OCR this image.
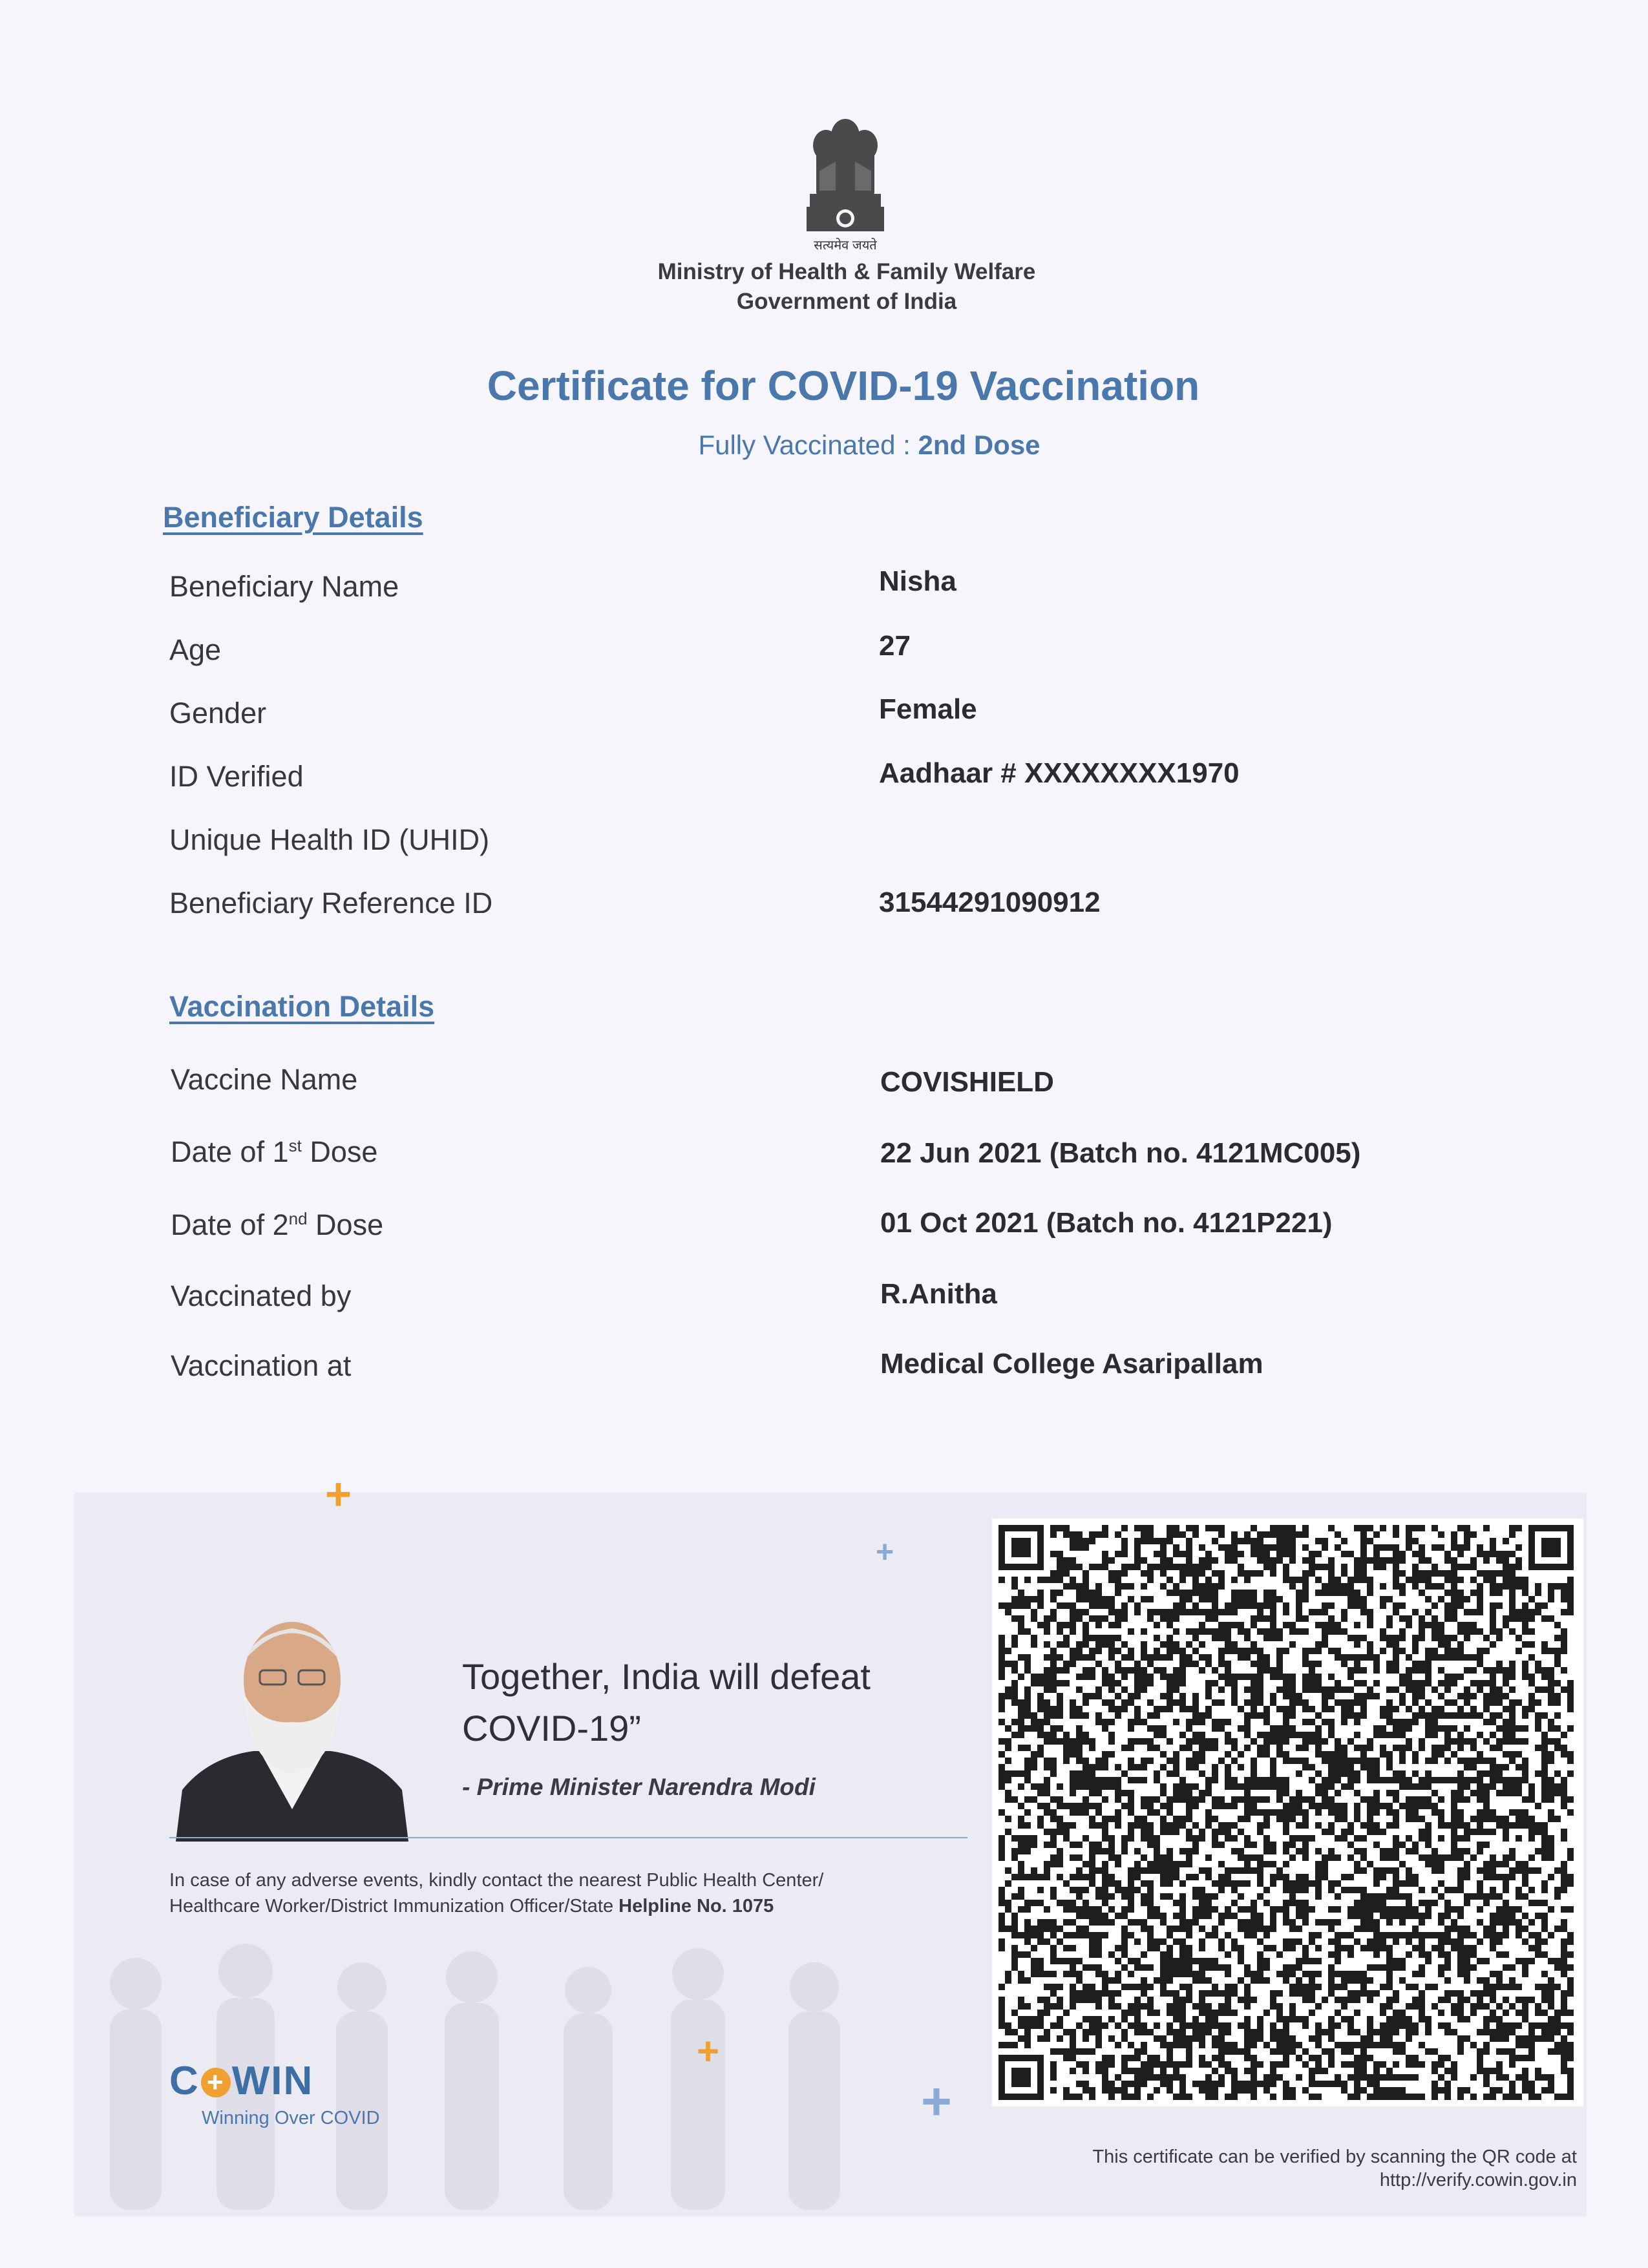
सत्यमेव जयते
Ministry of Health & Family Welfare
Government of India
Certificate for COVID-19 Vaccination
Fully Vaccinated : 2nd Dose
Beneficiary Details
Beneficiary Name	Nisha
Age	27
Gender	Female
ID Verified	Aadhaar # XXXXXXXX1970
Unique Health ID (UHID)
Beneficiary Reference ID	31544291090912
Vaccination Details
Vaccine Name	COVISHIELD
Date of 1st Dose	22 Jun 2021 (Batch no. 4121MC005)
Date of 2nd Dose	01 Oct 2021 (Batch no. 4121P221)
Vaccinated by	R.Anitha
Vaccination at	Medical College Asaripallam
Together, India will defeat
COVID-19”
- Prime Minister Narendra Modi
In case of any adverse events, kindly contact the nearest Public Health Center/
Healthcare Worker/District Immunization Officer/State Helpline No. 1075
C + WIN
Winning Over COVID
+
+
+
+
This certificate can be verified by scanning the QR code at
http://verify.cowin.gov.in
